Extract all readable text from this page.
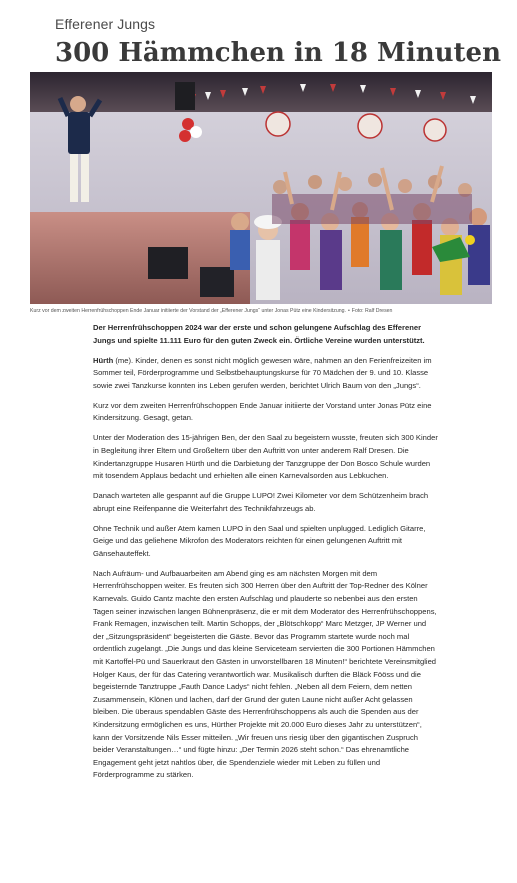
Efferener Jungs
300 Hämmchen in 18 Minuten
Kurz vor dem zweiten Herrenfrühschoppen Ende Januar initiierte der Vorstand der „Efferener Jungs“ unter Jonas Pütz eine Kindersitzung. • Foto: Ralf Dresen

Der Herrenfrühschoppen 2024 war der erste und schon gelungene Aufschlag des Efferener Jungs und spielte 11.111 Euro für den guten Zweck ein. Örtliche Vereine wurden unterstützt.

Hürth (me). Kinder, denen es sonst nicht möglich gewesen wäre, nahmen an den Ferienfreizeiten im Sommer teil, Förderprogramme und Selbstbehauptungskurse für 70 Mädchen der 9. und 10. Klasse sowie zwei Tanzkurse konnten ins Leben gerufen werden, berichtet Ulrich Baum von den „Jungs“.

Kurz vor dem zweiten Herrenfrühschoppen Ende Januar initiierte der Vorstand unter Jonas Pütz eine Kindersitzung. Gesagt, getan.

Unter der Moderation des 15-jährigen Ben, der den Saal zu begeistern wusste, freuten sich 300 Kinder in Begleitung ihrer Eltern und Großeltern über den Auftritt von unter anderem Ralf Dresen. Die Kindertanzgruppe Husaren Hürth und die Darbietung der Tanzgruppe der Don Bosco Schule wurden mit tosendem Applaus bedacht und erhielten alle einen Karnevalsorden aus Lebkuchen.

Danach warteten alle gespannt auf die Gruppe LUPO! Zwei Kilometer vor dem Schützenheim brach abrupt eine Reifenpanne die Weiterfahrt des Technikfahrzeugs ab.

Ohne Technik und außer Atem kamen LUPO in den Saal und spielten unplugged. Lediglich Gitarre, Geige und das geliehene Mikrofon des Moderators reichten für einen gelungenen Auftritt mit Gänsehauteffekt.

Nach Aufräum- und Aufbauarbeiten am Abend ging es am nächsten Morgen mit dem Herrenfrühschoppen weiter. Es freuten sich 300 Herren über den Auftritt der Top-Redner des Kölner Karnevals. Guido Cantz machte den ersten Aufschlag und plauderte so nebenbei aus den ersten Tagen seiner inzwischen langen Bühnenpräsenz, die er mit dem Moderator des Herrenfrühschoppens, Frank Remagen, inzwischen teilt. Martin Schopps, der „Blötschkopp“ Marc Metzger, JP Werner und der „Sitzungspräsident“ begeisterten die Gäste. Bevor das Programm startete wurde noch mal ordentlich zugelangt. „Die Jungs und das kleine Serviceteam servierten die 300 Portionen Hämmchen mit Kartoffel-Pü und Sauerkraut den Gästen in unvorstellbaren 18 Minuten!“ berichtete Vereinsmitglied Holger Kaus, der für das Catering verantwortlich war. Musikalisch durften die Bläck Fööss und die begeisternde Tanztruppe „Fauth Dance Ladys“ nicht fehlen. „Neben all dem Feiern, dem netten Zusammensein, Klönen und lachen, darf der Grund der guten Laune nicht außer Acht gelassen bleiben. Die überaus spendablen Gäste des Herrenfrühschoppens als auch die Spenden aus der Kindersitzung ermöglichen es uns, Hürther Projekte mit 20.000 Euro dieses Jahr zu unterstützen“, kann der Vorsitzende Nils Esser mitteilen. „Wir freuen uns riesig über den gigantischen Zuspruch beider Veranstaltungen…“ und fügte hinzu: „Der Termin 2026 steht schon.“ Das ehrenamtliche Engagement geht jetzt nahtlos über, die Spendenziele wieder mit Leben zu füllen und Förderprogramme zu stärken.
